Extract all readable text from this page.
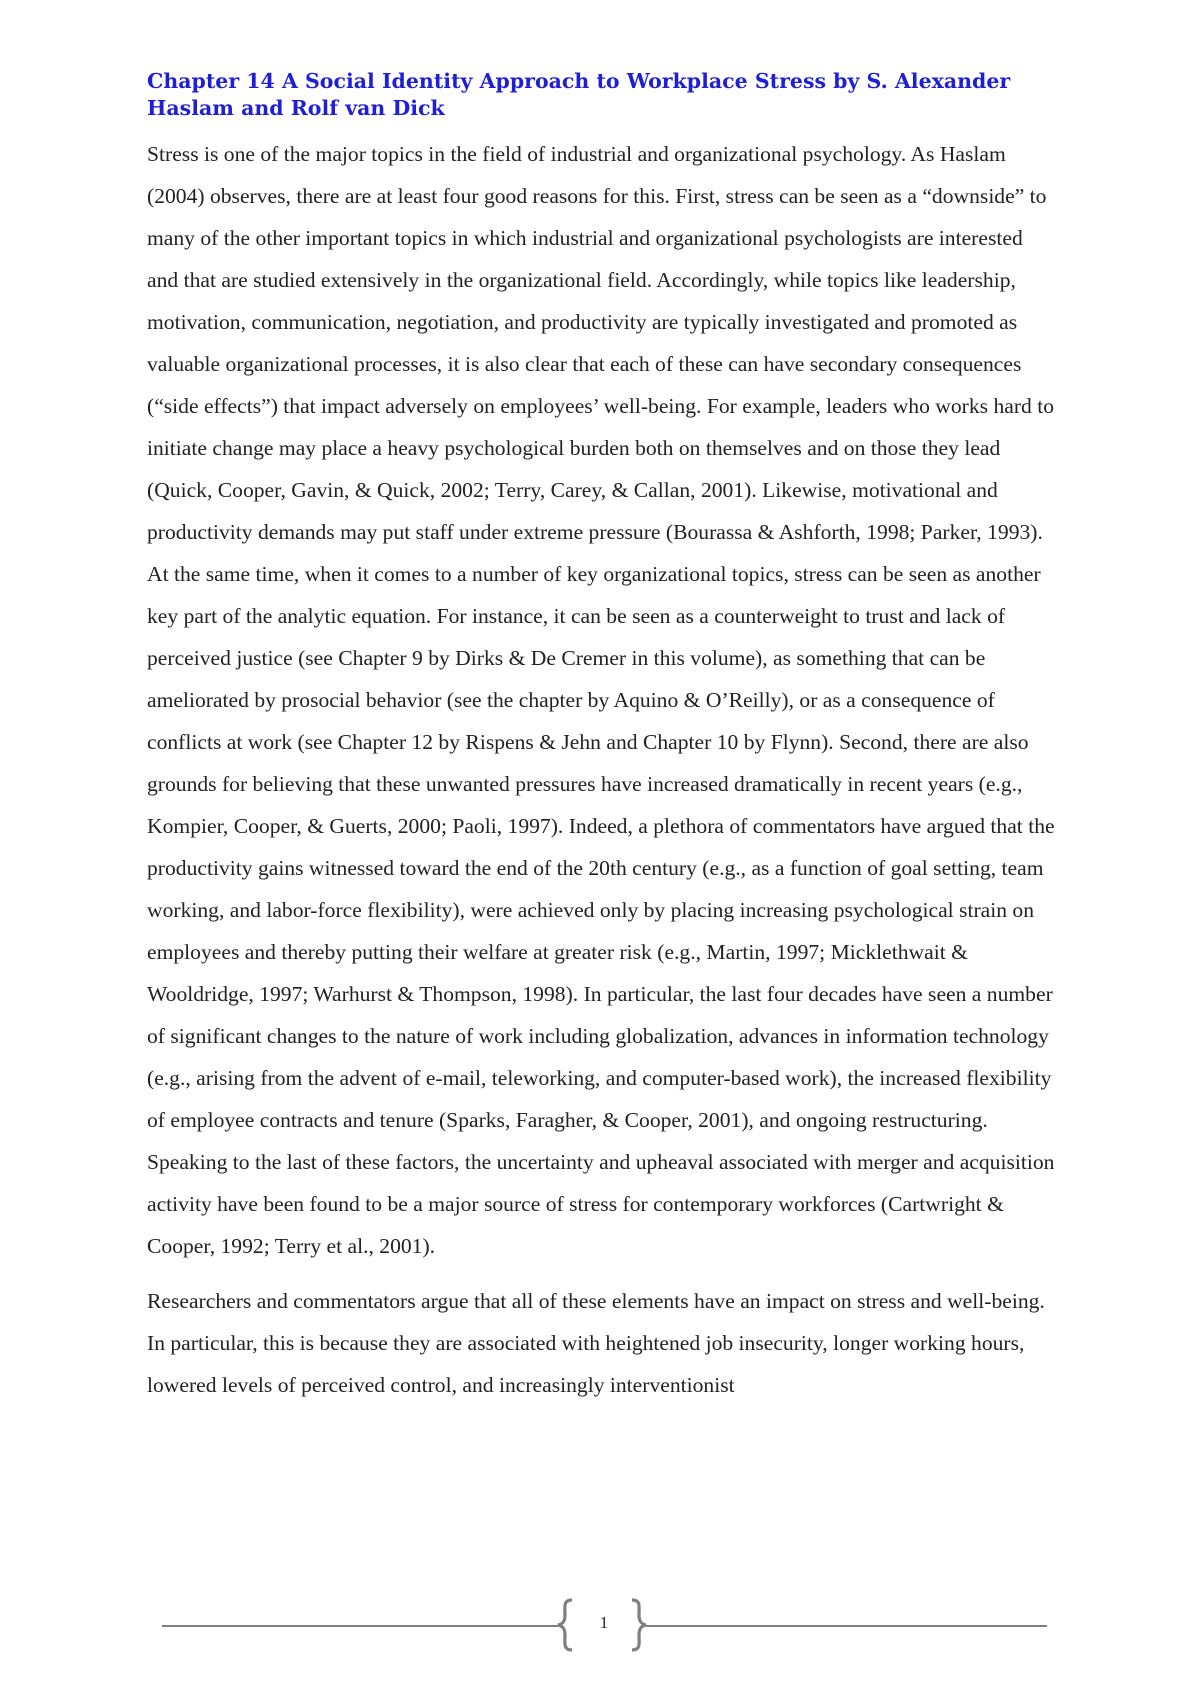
Chapter 14 A Social Identity Approach to Workplace Stress by S. Alexander Haslam and Rolf van Dick

Stress is one of the major topics in the field of industrial and organizational psychology. As Haslam (2004) observes, there are at least four good reasons for this. First, stress can be seen as a “downside” to many of the other important topics in which industrial and organizational psychologists are interested and that are studied extensively in the organizational field. Accordingly, while topics like leadership, motivation, communication, negotiation, and productivity are typically investigated and promoted as valuable organizational processes, it is also clear that each of these can have secondary consequences (“side effects”) that impact adversely on employees’ well-being. For example, leaders who works hard to initiate change may place a heavy psychological burden both on themselves and on those they lead (Quick, Cooper, Gavin, & Quick, 2002; Terry, Carey, & Callan, 2001). Likewise, motivational and productivity demands may put staff under extreme pressure (Bourassa & Ashforth, 1998; Parker, 1993). At the same time, when it comes to a number of key organizational topics, stress can be seen as another key part of the analytic equation. For instance, it can be seen as a counterweight to trust and lack of perceived justice (see Chapter 9 by Dirks & De Cremer in this volume), as something that can be ameliorated by prosocial behavior (see the chapter by Aquino & O’Reilly), or as a consequence of conflicts at work (see Chapter 12 by Rispens & Jehn and Chapter 10 by Flynn). Second, there are also grounds for believing that these unwanted pressures have increased dramatically in recent years (e.g., Kompier, Cooper, & Guerts, 2000; Paoli, 1997). Indeed, a plethora of commentators have argued that the productivity gains witnessed toward the end of the 20th century (e.g., as a function of goal setting, team working, and labor-force flexibility), were achieved only by placing increasing psychological strain on employees and thereby putting their welfare at greater risk (e.g., Martin, 1997; Micklethwait & Wooldridge, 1997; Warhurst & Thompson, 1998). In particular, the last four decades have seen a number of significant changes to the nature of work including globalization, advances in information technology (e.g., arising from the advent of e-mail, teleworking, and computer-based work), the increased flexibility of employee contracts and tenure (Sparks, Faragher, & Cooper, 2001), and ongoing restructuring. Speaking to the last of these factors, the uncertainty and upheaval associated with merger and acquisition activity have been found to be a major source of stress for contemporary workforces (Cartwright & Cooper, 1992; Terry et al., 2001).

Researchers and commentators argue that all of these elements have an impact on stress and well-being. In particular, this is because they are associated with heightened job insecurity, longer working hours, lowered levels of perceived control, and increasingly interventionist

1
